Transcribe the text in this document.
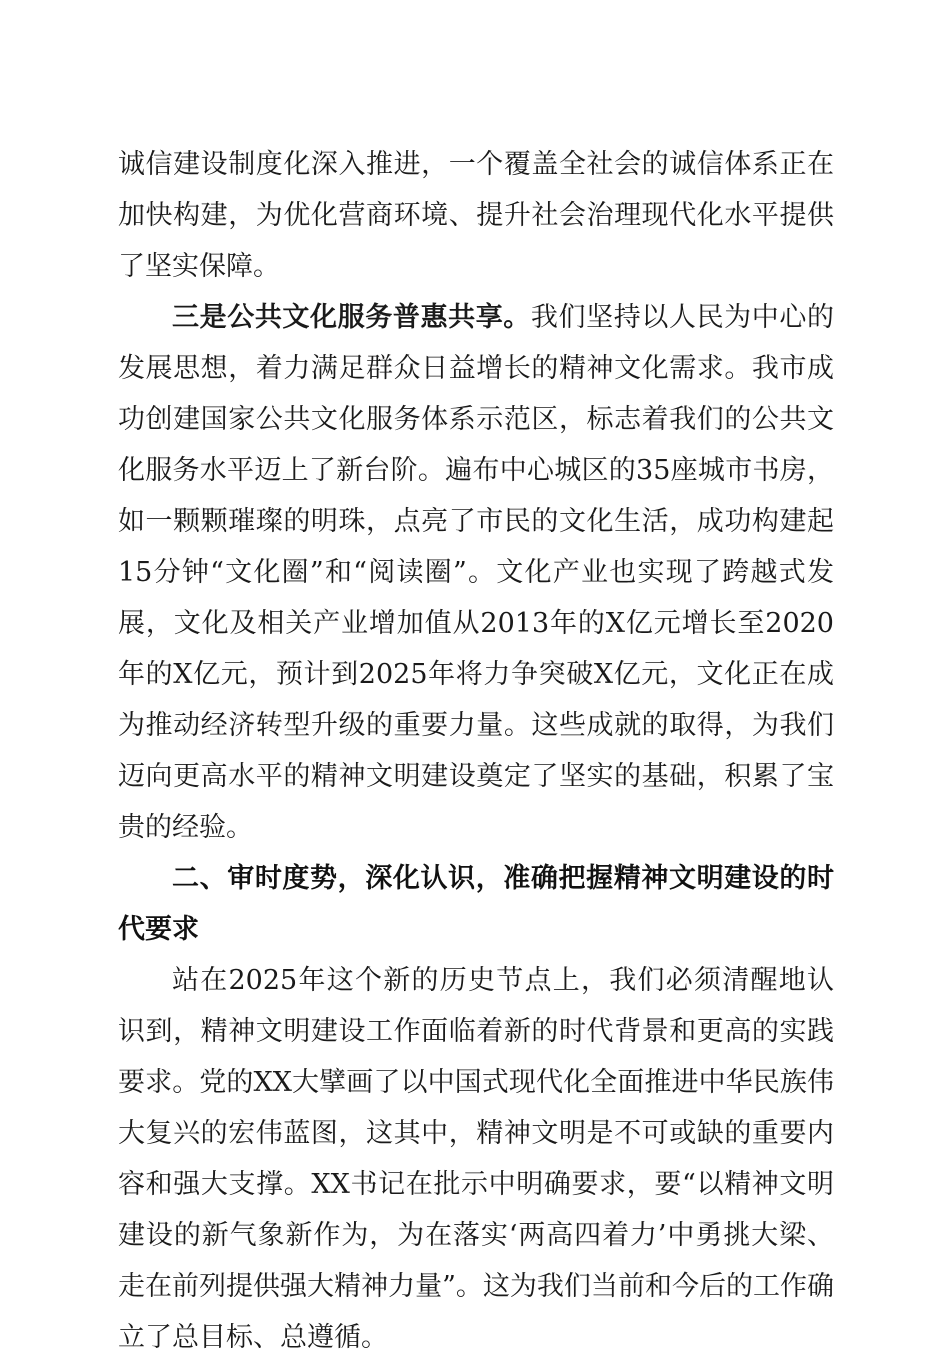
诚信建设制度化深入推进，一个覆盖全社会的诚信体系正在加快构建，为优化营商环境、提升社会治理现代化水平提供了坚实保障。

三是公共文化服务普惠共享。我们坚持以人民为中心的发展思想，着力满足群众日益增长的精神文化需求。我市成功创建国家公共文化服务体系示范区，标志着我们的公共文化服务水平迈上了新台阶。遍布中心城区的35座城市书房，如一颗颗璀璨的明珠，点亮了市民的文化生活，成功构建起15分钟“文化圈”和“阅读圈”。文化产业也实现了跨越式发展，文化及相关产业增加值从2013年的X亿元增长至2020年的X亿元，预计到2025年将力争突破X亿元，文化正在成为推动经济转型升级的重要力量。这些成就的取得，为我们迈向更高水平的精神文明建设奠定了坚实的基础，积累了宝贵的经验。

二、审时度势，深化认识，准确把握精神文明建设的时代要求

站在2025年这个新的历史节点上，我们必须清醒地认识到，精神文明建设工作面临着新的时代背景和更高的实践要求。党的XX大擘画了以中国式现代化全面推进中华民族伟大复兴的宏伟蓝图，这其中，精神文明是不可或缺的重要内容和强大支撑。XX书记在批示中明确要求，要“以精神文明建设的新气象新作为，为在落实‘两高四着力’中勇挑大梁、走在前列提供强大精神力量”。这为我们当前和今后的工作确立了总目标、总遵循。
